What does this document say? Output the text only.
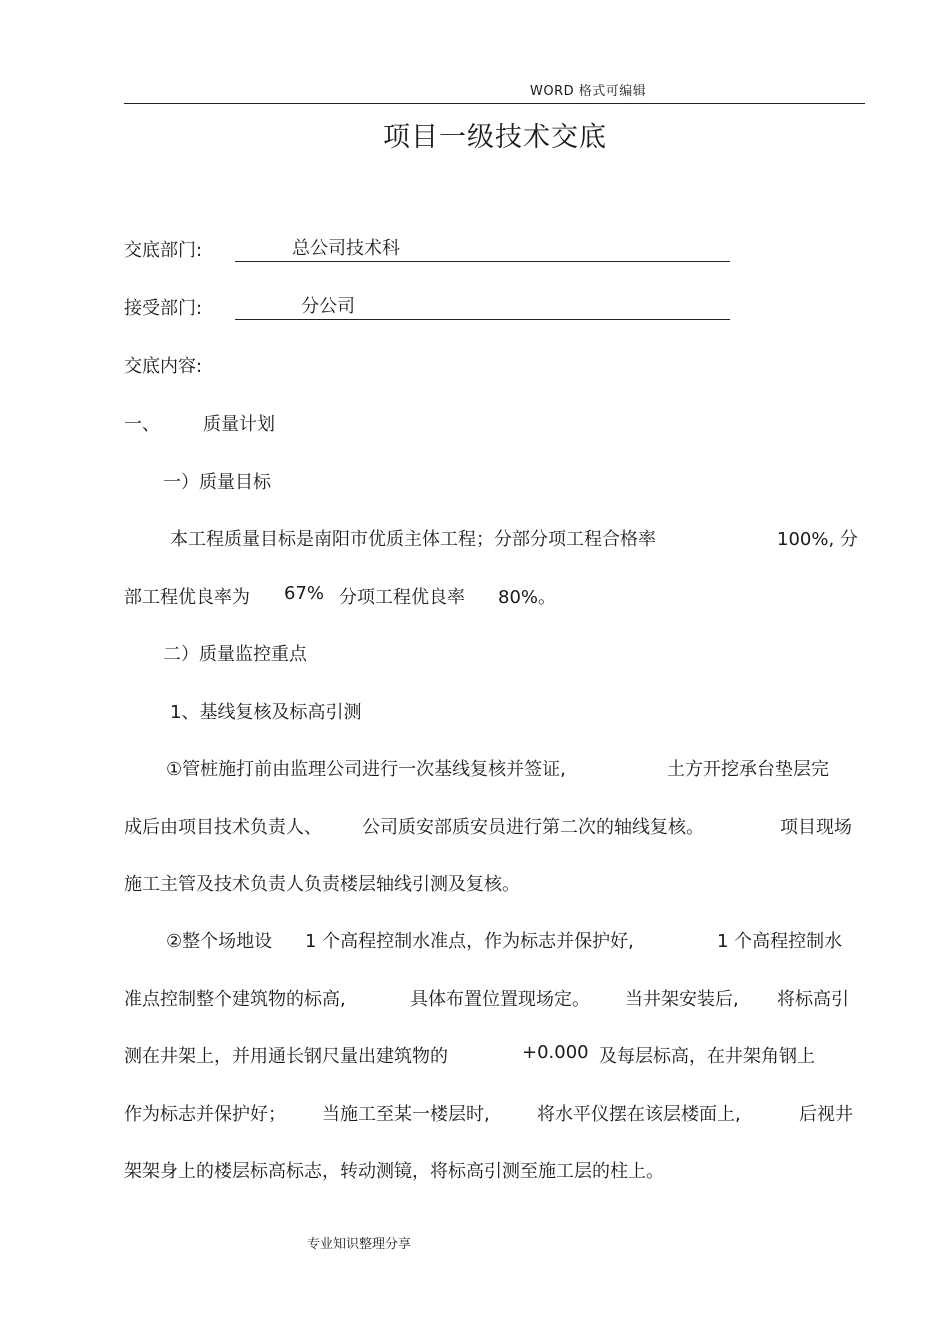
WORD 格式可编辑
项目一级技术交底
交底部门:	总公司技术科
接受部门:	分公司
交底内容:
一、 质量计划
一）质量目标
本工程质量目标是南阳市优质主体工程；分部分项工程合格率	100%, 分
部工程优良率为 67% 分项工程优良率 80%。
二）质量监控重点
1、基线复核及标高引测
①管桩施打前由监理公司进行一次基线复核并签证,	土方开挖承台垫层完
成后由项目技术负责人、 公司质安部质安员进行第二次的轴线复核。	项目现场
施工主管及技术负责人负责楼层轴线引测及复核。
②整个场地设 1 个高程控制水准点，作为标志并保护好,	1 个高程控制水
准点控制整个建筑物的标高,	具体布置位置现场定。 当井架安装后, 将标高引
测在井架上，并用通长钢尺量出建筑物的	+0.000 及每层标高，在井架角钢上
作为标志并保护好； 当施工至某一楼层时,	将水平仪摆在该层楼面上,	后视井
架架身上的楼层标高标志，转动测镜，将标高引测至施工层的柱上。
专业知识整理分享
